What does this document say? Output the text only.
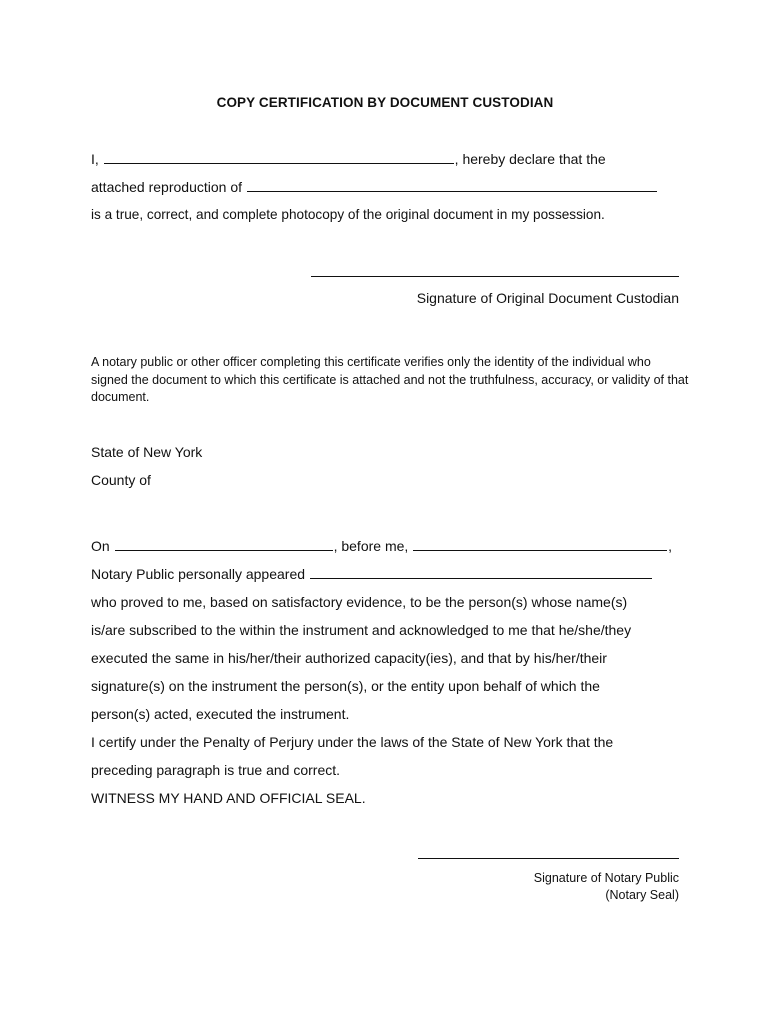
COPY CERTIFICATION BY DOCUMENT CUSTODIAN
I,	, hereby declare that the
attached reproduction of
is a true, correct, and complete photocopy of the original document in my possession.
Signature of Original Document Custodian
A notary public or other officer completing this certificate verifies only the identity of the individual who signed the document to which this certificate is attached and not the truthfulness, accuracy, or validity of that document.
State of New York
County of
On	, before me,	,
Notary Public personally appeared
who proved to me, based on satisfactory evidence, to be the person(s) whose name(s)
is/are subscribed to the within the instrument and acknowledged to me that he/she/they
executed the same in his/her/their authorized capacity(ies), and that by his/her/their
signature(s) on the instrument the person(s), or the entity upon behalf of which the
person(s) acted, executed the instrument.
I certify under the Penalty of Perjury under the laws of the State of New York that the
preceding paragraph is true and correct.
WITNESS MY HAND AND OFFICIAL SEAL.
Signature of Notary Public
(Notary Seal)
